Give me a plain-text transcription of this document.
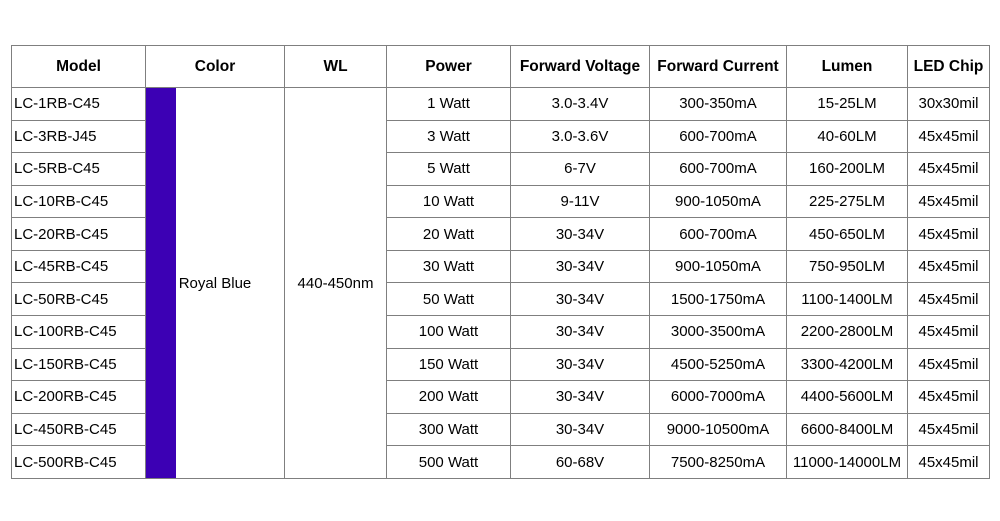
Model	Color	WL	Power	Forward Voltage	Forward Current	Lumen	LED Chip
LC-1RB-C45	Royal Blue	440-450nm	1 Watt	3.0-3.4V	300-350mA	15-25LM	30x30mil
LC-3RB-J45			3 Watt	3.0-3.6V	600-700mA	40-60LM	45x45mil
LC-5RB-C45			5 Watt	6-7V	600-700mA	160-200LM	45x45mil
LC-10RB-C45			10 Watt	9-11V	900-1050mA	225-275LM	45x45mil
LC-20RB-C45			20 Watt	30-34V	600-700mA	450-650LM	45x45mil
LC-45RB-C45			30 Watt	30-34V	900-1050mA	750-950LM	45x45mil
LC-50RB-C45			50 Watt	30-34V	1500-1750mA	1100-1400LM	45x45mil
LC-100RB-C45			100 Watt	30-34V	3000-3500mA	2200-2800LM	45x45mil
LC-150RB-C45			150 Watt	30-34V	4500-5250mA	3300-4200LM	45x45mil
LC-200RB-C45			200 Watt	30-34V	6000-7000mA	4400-5600LM	45x45mil
LC-450RB-C45			300 Watt	30-34V	9000-10500mA	6600-8400LM	45x45mil
LC-500RB-C45			500 Watt	60-68V	7500-8250mA	11000-14000LM	45x45mil
